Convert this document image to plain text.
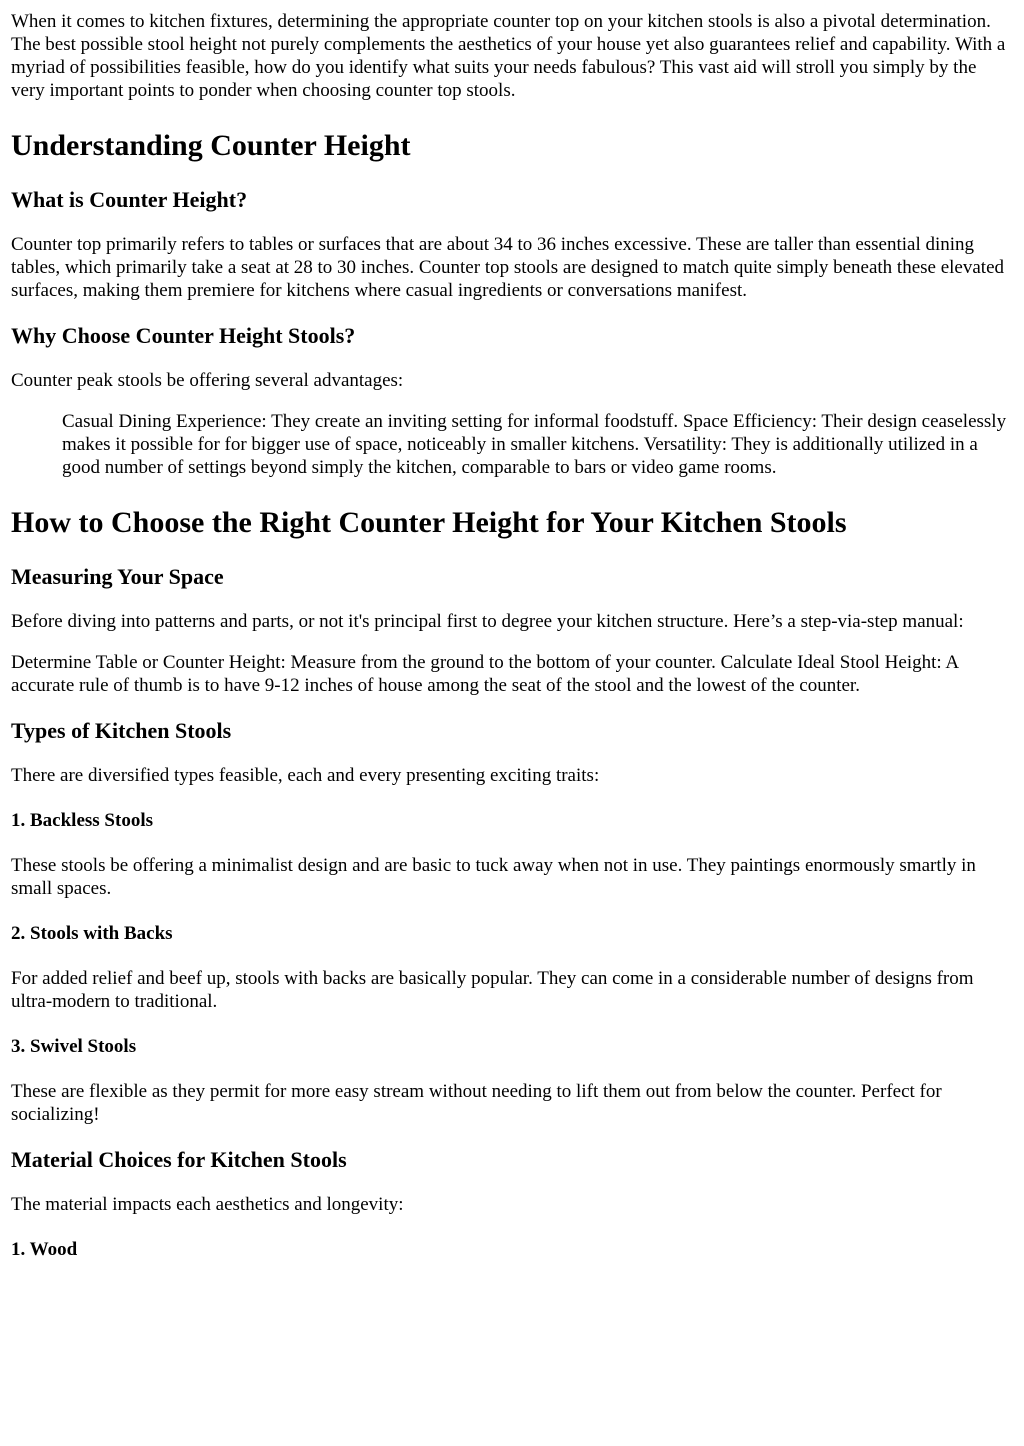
When it comes to kitchen fixtures, determining the appropriate counter top on your kitchen stools is also a pivotal determination. The best possible stool height not purely complements the aesthetics of your house yet also guarantees relief and capability. With a myriad of possibilities feasible, how do you identify what suits your needs fabulous? This vast aid will stroll you simply by the very important points to ponder when choosing counter top stools.

Understanding Counter Height
What is Counter Height?

Counter top primarily refers to tables or surfaces that are about 34 to 36 inches excessive. These are taller than essential dining tables, which primarily take a seat at 28 to 30 inches. Counter top stools are designed to match quite simply beneath these elevated surfaces, making them premiere for kitchens where casual ingredients or conversations manifest.

Why Choose Counter Height Stools?

Counter peak stools be offering several advantages:

Casual Dining Experience: They create an inviting setting for informal foodstuff. Space Efficiency: Their design ceaselessly makes it possible for for bigger use of space, noticeably in smaller kitchens. Versatility: They is additionally utilized in a good number of settings beyond simply the kitchen, comparable to bars or video game rooms.
How to Choose the Right Counter Height for Your Kitchen Stools
Measuring Your Space

Before diving into patterns and parts, or not it's principal first to degree your kitchen structure. Here’s a step-via-step manual:

Determine Table or Counter Height: Measure from the ground to the bottom of your counter. Calculate Ideal Stool Height: A accurate rule of thumb is to have 9-12 inches of house among the seat of the stool and the lowest of the counter.

Types of Kitchen Stools

There are diversified types feasible, each and every presenting exciting traits:

1. Backless Stools

These stools be offering a minimalist design and are basic to tuck away when not in use. They paintings enormously smartly in small spaces.

2. Stools with Backs

For added relief and beef up, stools with backs are basically popular. They can come in a considerable number of designs from ultra-modern to traditional.

3. Swivel Stools

These are flexible as they permit for more easy stream without needing to lift them out from below the counter. Perfect for socializing!

Material Choices for Kitchen Stools

The material impacts each aesthetics and longevity:

1. Wood
